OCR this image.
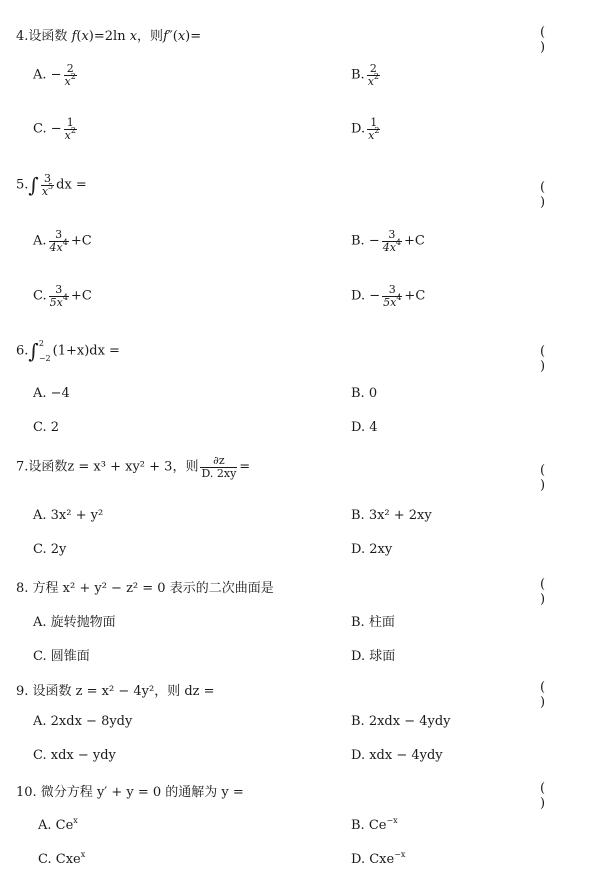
4.设函数 f(x)=2ln x，则f″(x)=	( )
A. − $\frac{2}{x^2}$	B. $\frac{2}{x^2}$
C. − $\frac{1}{x^2}$	D. $\frac{1}{x^2}$
$5.\int \frac{3}{x^5}$ dx =	( )
A. $\frac{3}{4x^4} +C$	B. − $\frac{3}{4x^4} +C$
C. $\frac{3}{5x^4} +C$	D. − $\frac{3}{5x^4} +C$
6.∫ 2
−2 (1+x)dx =	( )
A. −4	B. 0
C. 2	D. 4
7.设函数z = x³ + xy² + 3，则 $\frac{\partial z}{D. 2xy}$ =	( )
A. 3x² + y²	B. 3x² + 2xy
C. 2y	D. 2xy
8. 方程 x² + y² − z² = 0 表示的二次曲面是	( )
A. 旋转抛物面	B. 柱面
C. 圆锥面	D. 球面
9. 设函数 z = x² − 4y²，则 dz =	( )
A. 2xdx − 8ydy	B. 2xdx − 4ydy
C. xdx − ydy	D. xdx − 4ydy
10. 微分方程 y′ + y = 0 的通解为 y =	( )
A. Ce$^x$	B. $Ce^{-x}$
C. Cxe$^x$	D. Cxe$^{-x}$
